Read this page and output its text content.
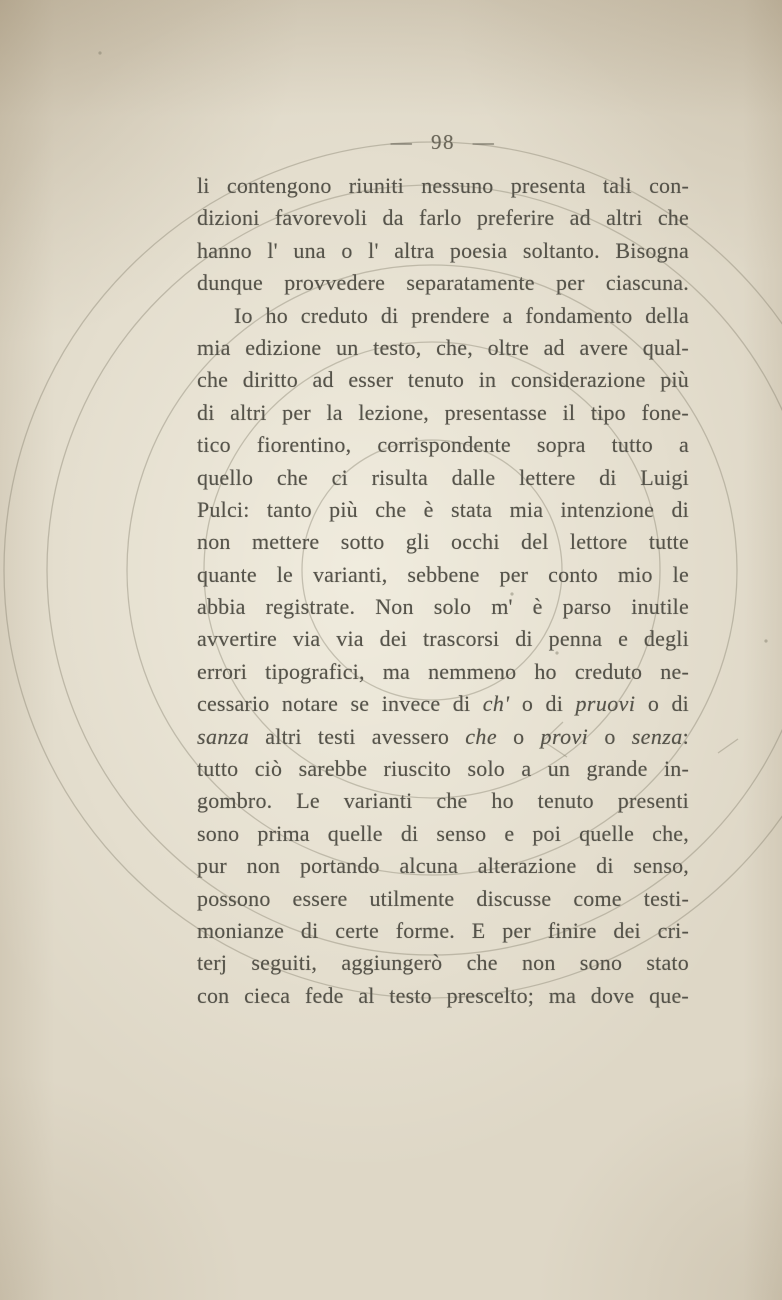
— 98 —
li contengono riuniti nessuno presenta tali con-
dizioni favorevoli da farlo preferire ad altri che
hanno l' una o l' altra poesia soltanto. Bisogna
dunque provvedere separatamente per ciascuna.
Io ho creduto di prendere a fondamento della
mia edizione un testo, che, oltre ad avere qual-
che diritto ad esser tenuto in considerazione più
di altri per la lezione, presentasse il tipo fone-
tico fiorentino, corrispondente sopra tutto a
quello che ci risulta dalle lettere di Luigi
Pulci: tanto più che è stata mia intenzione di
non mettere sotto gli occhi del lettore tutte
quante le varianti, sebbene per conto mio le
abbia registrate. Non solo m' è parso inutile
avvertire via via dei trascorsi di penna e degli
errori tipografici, ma nemmeno ho creduto ne-
cessario notare se invece di ch' o di pruovi o di
sanza altri testi avessero che o provi o senza:
tutto ciò sarebbe riuscito solo a un grande in-
gombro. Le varianti che ho tenuto presenti
sono prima quelle di senso e poi quelle che,
pur non portando alcuna alterazione di senso,
possono essere utilmente discusse come testi-
monianze di certe forme. E per finire dei cri-
terj seguiti, aggiungerò che non sono stato
con cieca fede al testo prescelto; ma dove que-
